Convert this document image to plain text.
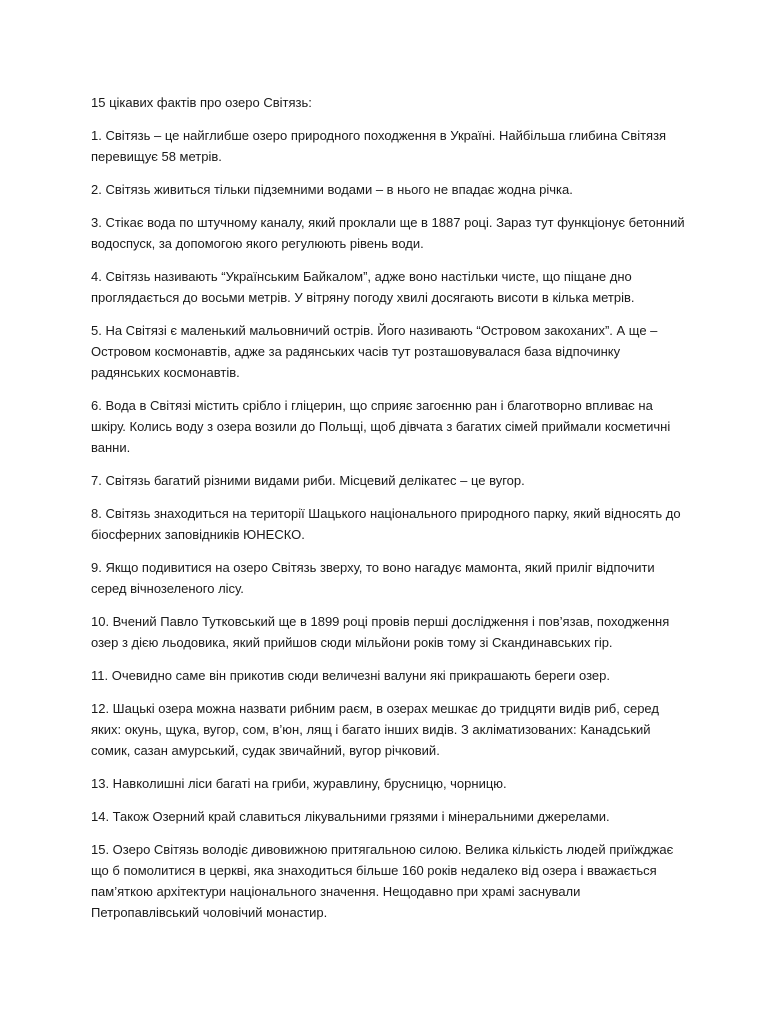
15 цікавих фактів про озеро Світязь:

1. Світязь – це найглибше озеро природного походження в Україні. Найбільша глибина Світязя перевищує 58 метрів.
2. Світязь живиться тільки підземними водами – в нього не впадає жодна річка.
3. Стікає вода по штучному каналу, який проклали ще в 1887 році. Зараз тут функціонує бетонний водоспуск, за допомогою якого регулюють рівень води.
4. Світязь називають “Українським Байкалом”, адже воно настільки чисте, що піщане дно проглядається до восьми метрів. У вітряну погоду хвилі досягають висоти в кілька метрів.
5. На Світязі є маленький мальовничий острів. Його називають “Островом закоханих”. А ще – Островом космонавтів, адже за радянських часів тут розташовувалася база відпочинку радянських космонавтів.
6. Вода в Світязі містить срібло і гліцерин, що сприяє загоєнню ран і благотворно впливає на шкіру. Колись воду з озера возили до Польщі, щоб дівчата з багатих сімей приймали косметичні ванни.
7. Світязь багатий різними видами риби. Місцевий делікатес – це вугор.
8. Світязь знаходиться на території Шацького національного природного парку, який відносять до біосферних заповідників ЮНЕСКО.
9. Якщо подивитися на озеро Світязь зверху, то воно нагадує мамонта, який приліг відпочити серед вічнозеленого лісу.
10. Вчений Павло Тутковський ще в 1899 році провів перші дослідження і пов’язав, походження озер з дією льодовика, який прийшов сюди мільйони років тому зі Скандинавських гір.
11. Очевидно саме він прикотив сюди величезні валуни які прикрашають береги озер.
12. Шацькі озера можна назвати рибним раєм, в озерах мешкає до тридцяти видів риб, серед яких: окунь, щука, вугор, сом, в’юн, лящ і багато інших видів. З акліматизованих: Канадський сомик, сазан амурський, судак звичайний, вугор річковий.
13. Навколишні ліси багаті на гриби, журавлину, брусницю, чорницю.
14. Також Озерний край славиться лікувальними грязями і мінеральними джерелами.
15. Озеро Світязь володіє дивовижною притягальною силою. Велика кількість людей приїжджає що б помолитися в церкві, яка знаходиться більше 160 років недалеко від озера і вважається пам’яткою архітектури національного значення. Нещодавно при храмі заснували Петропавлівський чоловічий монастир.
